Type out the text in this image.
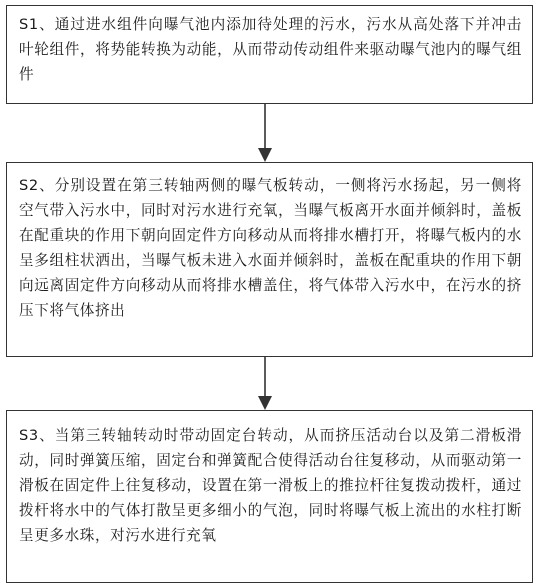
S1、通过进水组件向曝气池内添加待处理的污水，污水从高处落下并冲击叶轮组件，将势能转换为动能，从而带动传动组件来驱动曝气池内的曝气组件
S2、分别设置在第三转轴两侧的曝气板转动，一侧将污水扬起，另一侧将空气带入污水中，同时对污水进行充氧，当曝气板离开水面并倾斜时，盖板在配重块的作用下朝向固定件方向移动从而将排水槽打开，将曝气板内的水呈多组柱状洒出，当曝气板未进入水面并倾斜时，盖板在配重块的作用下朝向远离固定件方向移动从而将排水槽盖住，将气体带入污水中，在污水的挤压下将气体挤出
S3、当第三转轴转动时带动固定台转动，从而挤压活动台以及第二滑板滑动，同时弹簧压缩，固定台和弹簧配合使得活动台往复移动，从而驱动第一滑板在固定件上往复移动，设置在第一滑板上的推拉杆往复拨动拨杆，通过拨杆将水中的气体打散呈更多细小的气泡，同时将曝气板上流出的水柱打断呈更多水珠，对污水进行充氧
